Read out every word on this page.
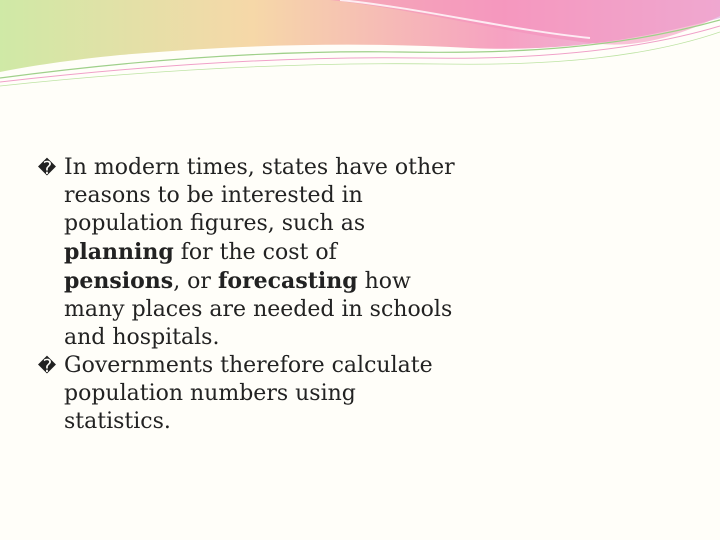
� In modern times, states have other reasons to be interested in population figures, such as planning for the cost of pensions, or forecasting how many places are needed in schools and hospitals.

� Governments therefore calculate population numbers using statistics.
